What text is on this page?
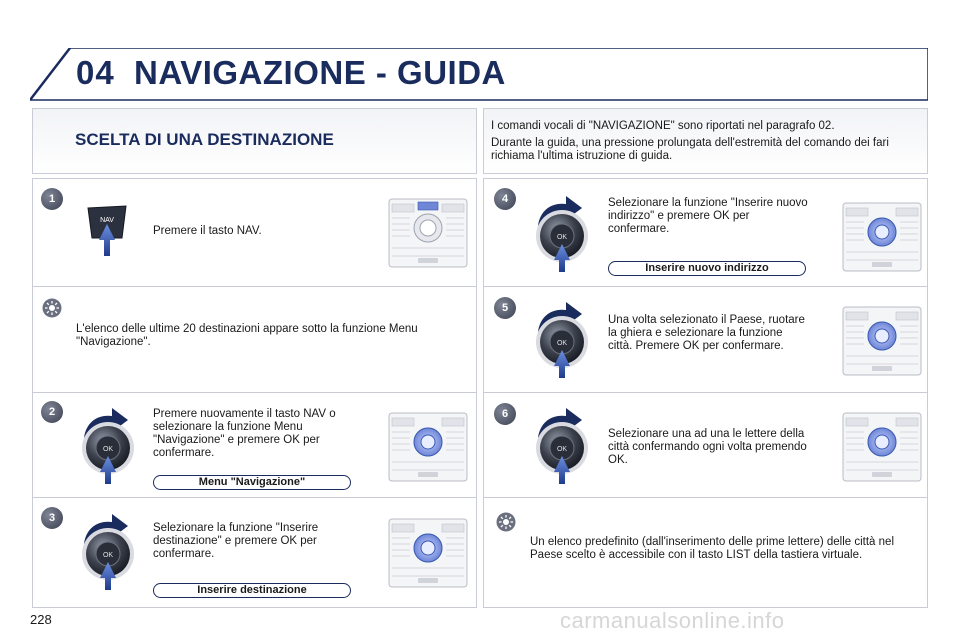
04 NAVIGAZIONE - GUIDA
SCELTA DI UNA DESTINAZIONE
I comandi vocali di "NAVIGAZIONE" sono riportati nel paragrafo 02.
Durante la guida, una pressione prolungata dell'estremità del comando dei fari richiama l'ultima istruzione di guida.
1
NAV
Premere il tasto NAV.
L'elenco delle ultime 20 destinazioni appare sotto la funzione Menu "Navigazione".
2	Premere nuovamente il tasto NAV o selezionare la funzione Menu "Navigazione" e premere OK per confermare.
Menu "Navigazione"
3
Selezionare la funzione "Inserire destinazione" e premere OK per confermare.
Inserire destinazione
4	Selezionare la funzione "Inserire nuovo indirizzo" e premere OK per confermare.
Inserire nuovo indirizzo
5
Una volta selezionato il Paese, ruotare la ghiera e selezionare la funzione città. Premere OK per confermare.
6
Selezionare una ad una le lettere della città confermando ogni volta premendo OK.
Un elenco predefinito (dall'inserimento delle prime lettere) delle città nel Paese scelto è accessibile con il tasto LIST della tastiera virtuale.
228	carmanualsonline.info
